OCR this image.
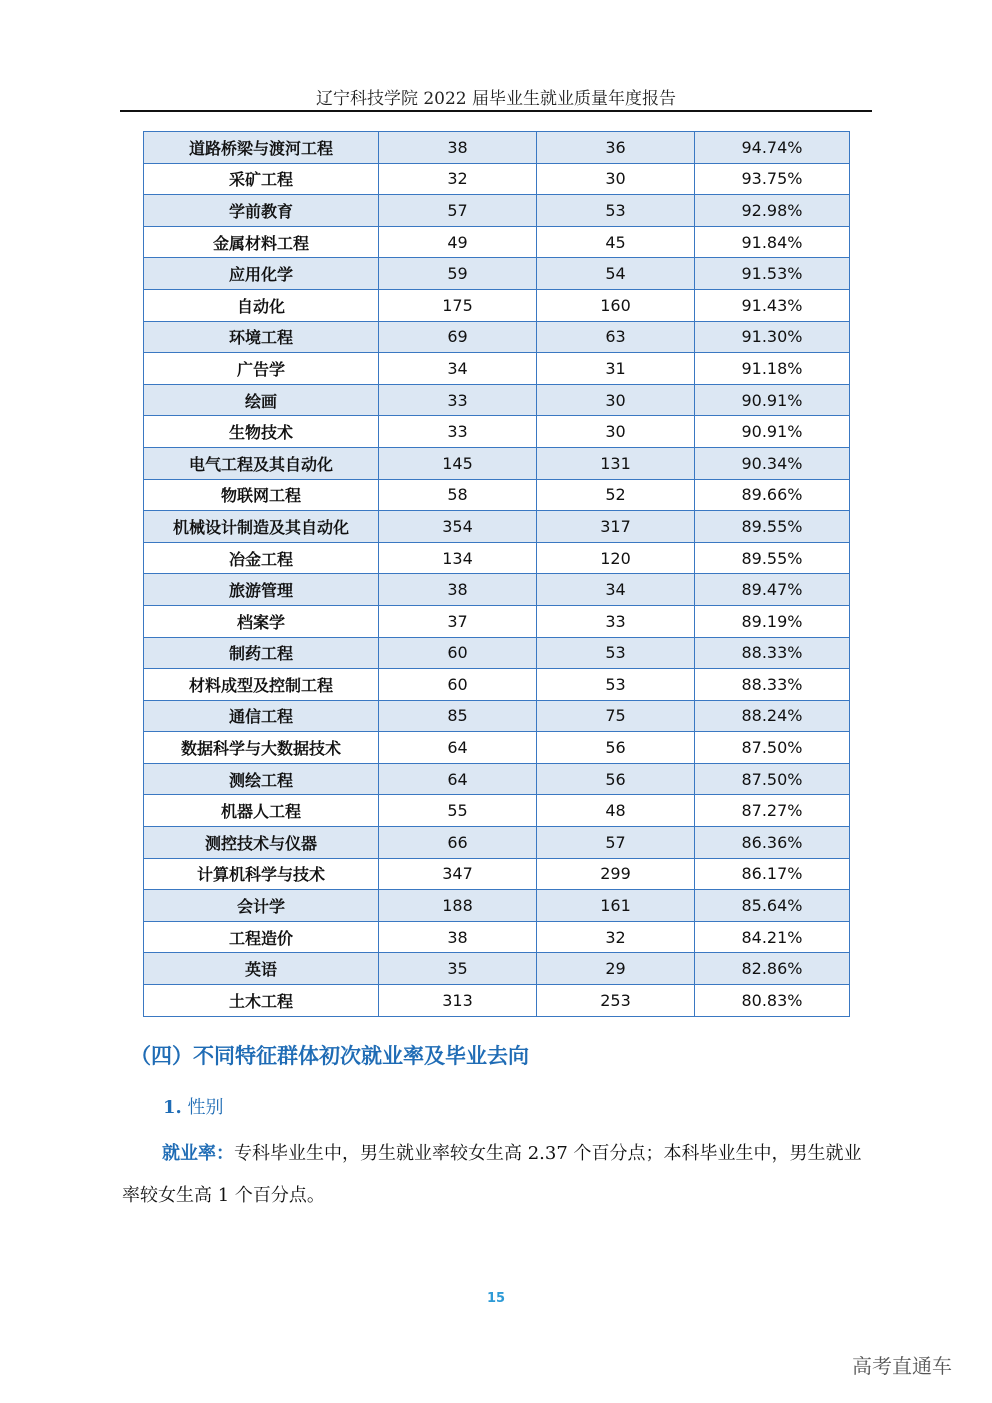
辽宁科技学院 2022 届毕业生就业质量年度报告
道路桥梁与渡河工程	38	36	94.74%
采矿工程	32	30	93.75%
学前教育	57	53	92.98%
金属材料工程	49	45	91.84%
应用化学	59	54	91.53%
自动化	175	160	91.43%
环境工程	69	63	91.30%
广告学	34	31	91.18%
绘画	33	30	90.91%
生物技术	33	30	90.91%
电气工程及其自动化	145	131	90.34%
物联网工程	58	52	89.66%
机械设计制造及其自动化	354	317	89.55%
冶金工程	134	120	89.55%
旅游管理	38	34	89.47%
档案学	37	33	89.19%
制药工程	60	53	88.33%
材料成型及控制工程	60	53	88.33%
通信工程	85	75	88.24%
数据科学与大数据技术	64	56	87.50%
测绘工程	64	56	87.50%
机器人工程	55	48	87.27%
测控技术与仪器	66	57	86.36%
计算机科学与技术	347	299	86.17%
会计学	188	161	85.64%
工程造价	38	32	84.21%
英语	35	29	82.86%
土木工程	313	253	80.83%
（四）不同特征群体初次就业率及毕业去向
1. 性别
就业率：专科毕业生中，男生就业率较女生高 2.37 个百分点；本科毕业生中，男生就业率较女生高 1 个百分点。
15
高考直通车
